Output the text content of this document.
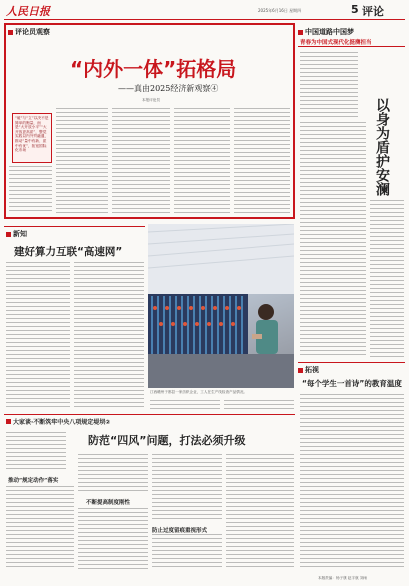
人民日报	2025年6月16日 星期四	5 评论
评论员观察
“内外一体”拓格局
——真由2025经济新观察④
本报评论员
“破”与“立”以决不是简单的衡量，而是“大开放小平”“大开放更高质”，整觉实践以内外贸融通，推动“量中有新、质中有优”，拓宽国际化市场
中国道路中国梦
青春为中国式现代化挺膺担当
以身为盾护安澜
新知
建好算力互联“高速网”
江西赣州于都县一家纺织企业，工人在生产线检查产品情况。
拓视
“每个学生一首诗”的教育温度
大家谈·不断筑牢中央八项规定堤坝②
防范“四风”问题，打法必须升级
推动“规定动作”落实
不断提高制度刚性
防止过度留痕重视形式
本版责编：杨子康 赵宇航 刘雨
